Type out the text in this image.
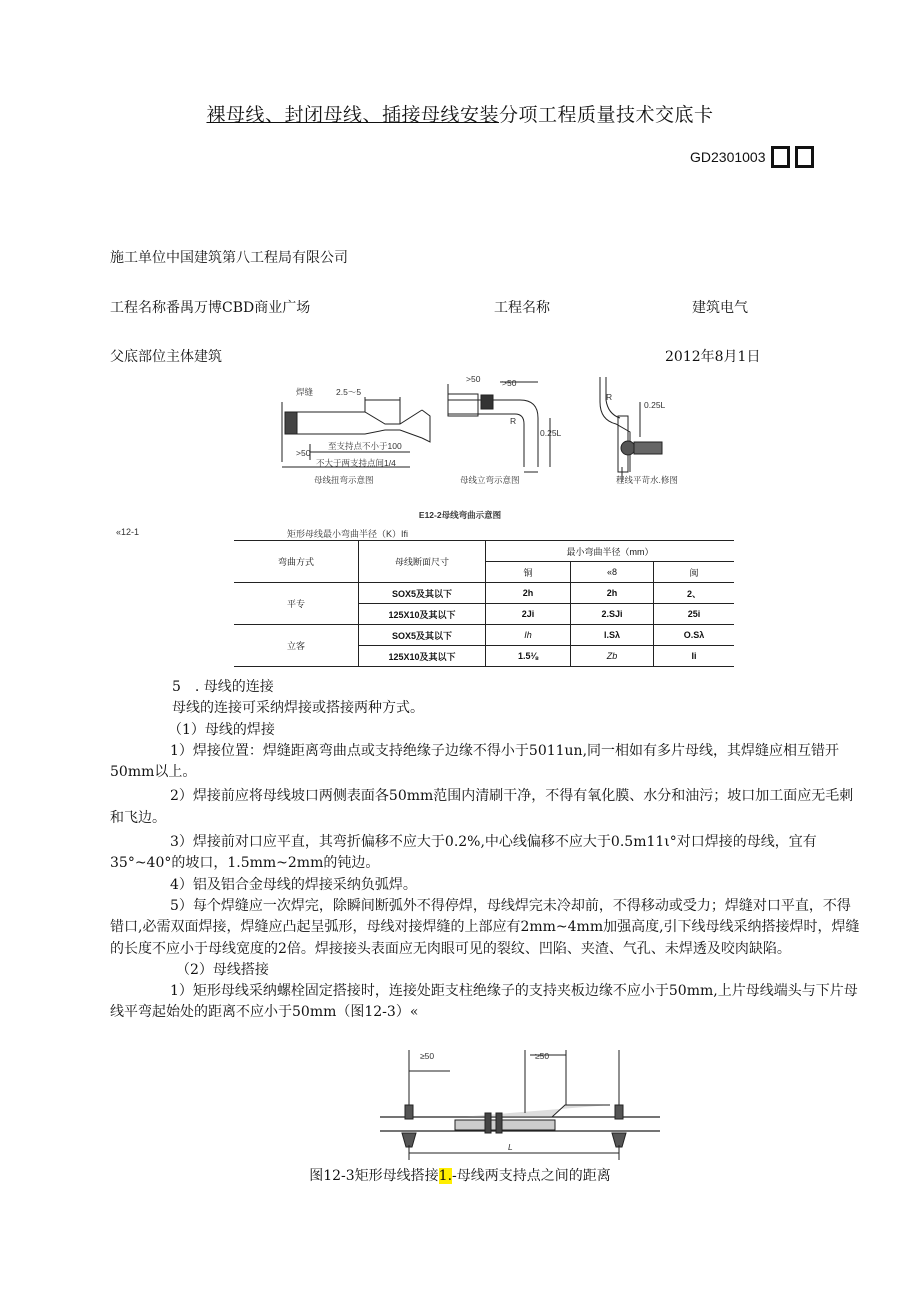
裸母线、封闭母线、插接母线安装分项工程质量技术交底卡
GD2301003
施工单位中国建筑第八工程局有限公司
工程名称番禺万博CBD商业广场	工程名称	建筑电气
父底部位主体建筑	2012年8月1日
焊缝	2.5～5
>50
至支持点不小于100
不大于两支持点间1/4
母线扭弯示意图
>50	>50
R
0.25L
母线立弯示意图
R
0.25L
程线平苛水.修图
E12-2母线弯曲示意图
«12-1	矩形母线最小弯曲半径（K）Ifi
弯曲方式	母线断面尺寸	最小弯曲半径（mm）		
		铜	«8	闽
平专	SOX5及其以下	2h	2h	2、
	125X10及其以下	2Ji	2.SJi	25i
立客	SOX5及其以下	Ih	l.Sλ	O.Sλ
	125X10及其以下	1.5⅛	Zb	Ii
5　. 母线的连接
母线的连接可采纳焊接或搭接两种方式。
（1）母线的焊接
1）焊接位置：焊缝距离弯曲点或支持绝缘子边缘不得小于5011un,同一相如有多片母线，其焊缝应相互错开50mm以上。
2）焊接前应将母线坡口两侧表面各50mm范围内清刷干净，不得有氧化膜、水分和油污；坡口加工面应无毛刺和飞边。
3）焊接前对口应平直，其弯折偏移不应大于0.2%,中心线偏移不应大于0.5m11ι°对口焊接的母线，宜有35°~40°的坡口，1.5mm~2mm的钝边。
4）铝及铝合金母线的焊接采纳负弧焊。
5）每个焊缝应一次焊完，除瞬间断弧外不得停焊，母线焊完未冷却前，不得移动或受力；焊缝对口平直，不得错口,必需双面焊接，焊缝应凸起呈弧形，母线对接焊缝的上部应有2mm~4mm加强高度,引下线母线采纳搭接焊时，焊缝的长度不应小于母线宽度的2倍。焊接接头表面应无肉眼可见的裂纹、凹陷、夹渣、气孔、未焊透及咬肉缺陷。
（2）母线搭接
1）矩形母线采纳螺栓固定搭接时，连接处距支柱绝缘子的支持夹板边缘不应小于50mm,上片母线端头与下片母线平弯起始处的距离不应小于50mm（图12-3）«
≥50	≥50
L
图12-3矩形母线搭接1.-母线两支持点之间的距离
